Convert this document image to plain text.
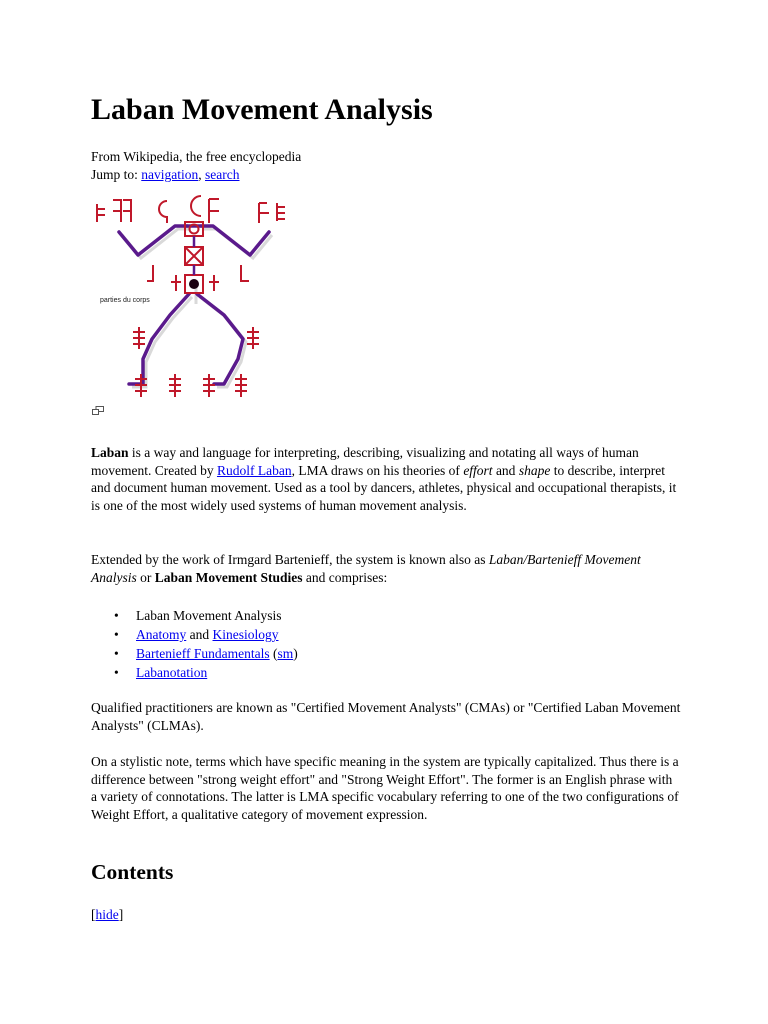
Laban Movement Analysis
From Wikipedia, the free encyclopedia
Jump to: navigation, search
parties du corps

Laban is a way and language for interpreting, describing, visualizing and notating all ways of human movement. Created by Rudolf Laban, LMA draws on his theories of effort and shape to describe, interpret and document human movement. Used as a tool by dancers, athletes, physical and occupational therapists, it is one of the most widely used systems of human movement analysis.

Extended by the work of Irmgard Bartenieff, the system is known also as Laban/Bartenieff Movement Analysis or Laban Movement Studies and comprises:

• Laban Movement Analysis
• Anatomy and Kinesiology
• Bartenieff Fundamentals (sm)
• Labanotation

Qualified practitioners are known as "Certified Movement Analysts" (CMAs) or "Certified Laban Movement Analysts" (CLMAs).

On a stylistic note, terms which have specific meaning in the system are typically capitalized. Thus there is a difference between "strong weight effort" and "Strong Weight Effort". The former is an English phrase with a variety of connotations. The latter is LMA specific vocabulary referring to one of the two configurations of Weight Effort, a qualitative category of movement expression.

Contents
[hide]
